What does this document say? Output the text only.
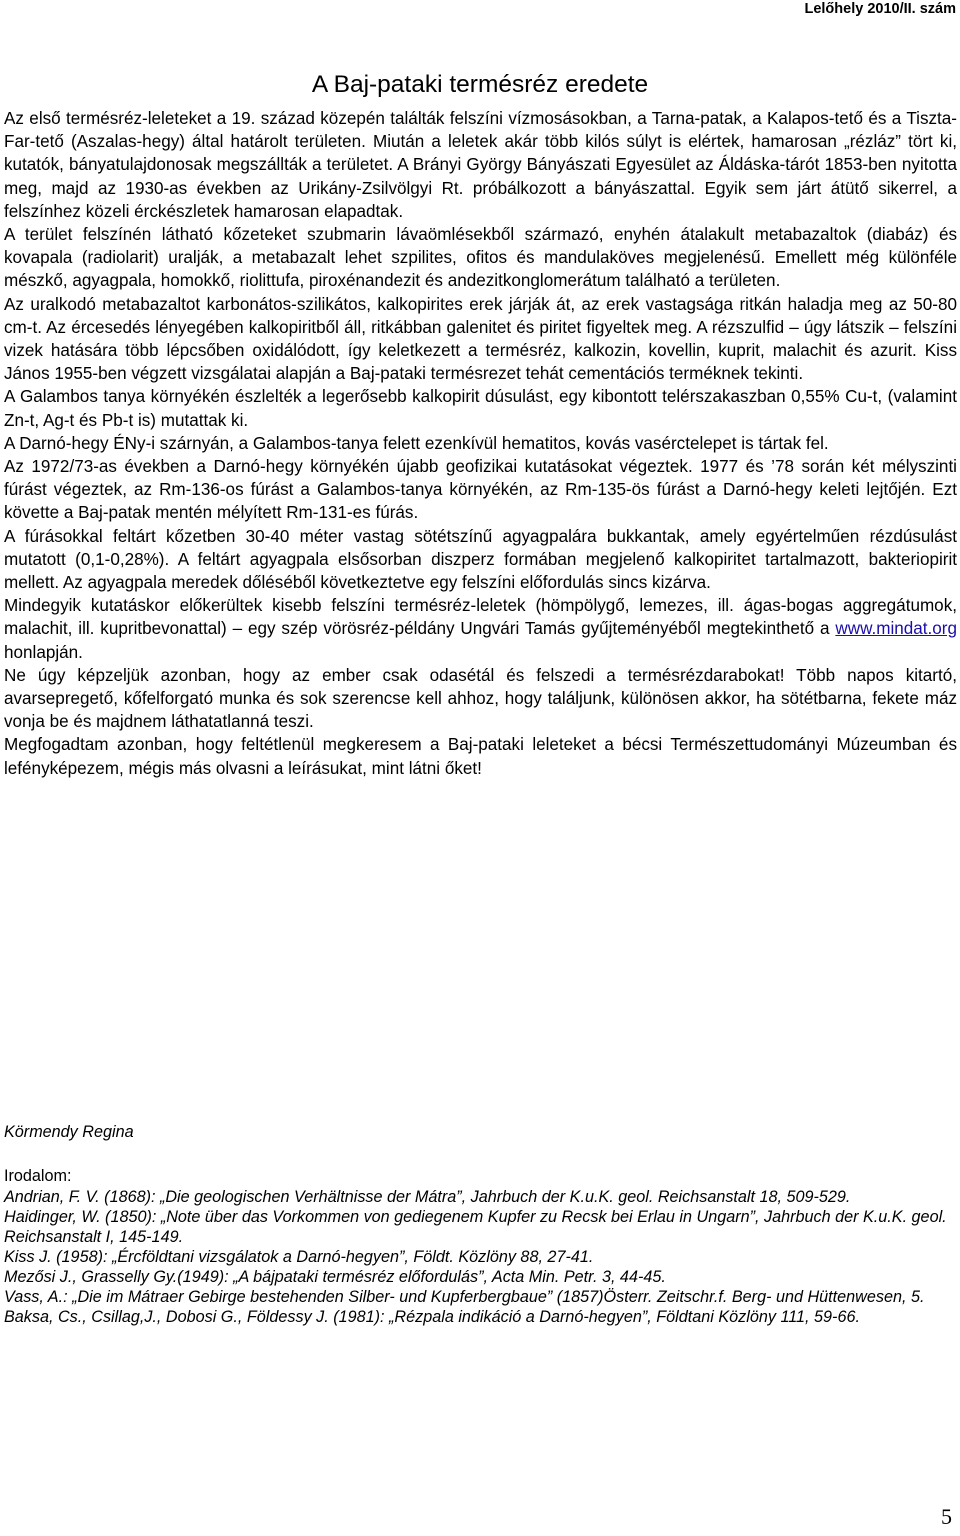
Lelőhely 2010/II. szám
A Baj-pataki termésréz eredete

Az első termésréz-leleteket a 19. század közepén találták felszíni vízmosásokban, a Tarna-patak, a Kalapos-tető és a Tiszta-Far-tető (Aszalas-hegy) által határolt területen. Miután a leletek akár több kilós súlyt is elértek, hamarosan „rézláz” tört ki, kutatók, bányatulajdonosak megszállták a területet. A Brányi György Bányászati Egyesület az Áldáska-tárót 1853-ben nyitotta meg, majd az 1930-as években az Urikány-Zsilvölgyi Rt. próbálkozott a bányászattal. Egyik sem járt átütő sikerrel, a felszínhez közeli érckészletek hamarosan elapadtak.

A terület felszínén látható kőzeteket szubmarin lávaömlésekből származó, enyhén átalakult metabazaltok (diabáz) és kovapala (radiolarit) uralják, a metabazalt lehet szpilites, ofitos és mandulaköves megjelenésű. Emellett még különféle mészkő, agyagpala, homokkő, riolittufa, piroxénandezit és andezitkonglomerátum található a területen.

Az uralkodó metabazaltot karbonátos-szilikátos, kalkopirites erek járják át, az erek vastagsága ritkán haladja meg az 50-80 cm-t. Az ércesedés lényegében kalkopiritből áll, ritkábban galenitet és piritet figyeltek meg. A rézszulfid – úgy látszik – felszíni vizek hatására több lépcsőben oxidálódott, így keletkezett a termésréz, kalkozin, kovellin, kuprit, malachit és azurit. Kiss János 1955-ben végzett vizsgálatai alapján a Baj-pataki termésrezet tehát cementációs terméknek tekinti.

A Galambos tanya környékén észlelték a legerősebb kalkopirit dúsulást, egy kibontott telérszakaszban 0,55% Cu-t, (valamint Zn-t, Ag-t és Pb-t is) mutattak ki.

A Darnó-hegy ÉNy-i szárnyán, a Galambos-tanya felett ezenkívül hematitos, kovás vasérctelepet is tártak fel.

Az 1972/73-as években a Darnó-hegy környékén újabb geofizikai kutatásokat végeztek. 1977 és ’78 során két mélyszinti fúrást végeztek, az Rm-136-os fúrást a Galambos-tanya környékén, az Rm-135-ös fúrást a Darnó-hegy keleti lejtőjén. Ezt követte a Baj-patak mentén mélyített Rm-131-es fúrás.

A fúrásokkal feltárt kőzetben 30-40 méter vastag sötétszínű agyagpalára bukkantak, amely egyértelműen rézdúsulást mutatott (0,1-0,28%). A feltárt agyagpala elsősorban diszperz formában megjelenő kalkopiritet tartalmazott, bakteriopirit mellett. Az agyagpala meredek dőléséből következtetve egy felszíni előfordulás sincs kizárva.

Mindegyik kutatáskor előkerültek kisebb felszíni termésréz-leletek (hömpölygő, lemezes, ill. ágas-bogas aggregátumok, malachit, ill. kupritbevonattal) – egy szép vörösréz-példány Ungvári Tamás gyűjteményéből megtekinthető a www.mindat.org honlapján.

Ne úgy képzeljük azonban, hogy az ember csak odasétál és felszedi a termésrézdarabokat! Több napos kitartó, avarsepregető, kőfelforgató munka és sok szerencse kell ahhoz, hogy találjunk, különösen akkor, ha sötétbarna, fekete máz vonja be és majdnem láthatatlanná teszi.

Megfogadtam azonban, hogy feltétlenül megkeresem a Baj-pataki leleteket a bécsi Természettudományi Múzeumban és lefényképezem, mégis más olvasni a leírásukat, mint látni őket!

Körmendy Regina
Irodalom:

Andrian, F. V. (1868): „Die geologischen Verhältnisse der Mátra”, Jahrbuch der K.u.K. geol. Reichsanstalt 18, 509-529.

Haidinger, W. (1850): „Note über das Vorkommen von gediegenem Kupfer zu Recsk bei Erlau in Ungarn”, Jahrbuch der K.u.K. geol. Reichsanstalt I, 145-149.

Kiss J. (1958): „Ércföldtani vizsgálatok a Darnó-hegyen”, Földt. Közlöny 88, 27-41.

Mezősi J., Grasselly Gy.(1949): „A bájpataki termésréz előfordulás”, Acta Min. Petr. 3, 44-45.

Vass, A.: „Die im Mátraer Gebirge bestehenden Silber- und Kupferbergbaue” (1857)Österr. Zeitschr.f. Berg- und Hüttenwesen, 5.

Baksa, Cs., Csillag,J., Dobosi G., Földessy J. (1981): „Rézpala indikáció a Darnó-hegyen”, Földtani Közlöny 111, 59-66.

5
